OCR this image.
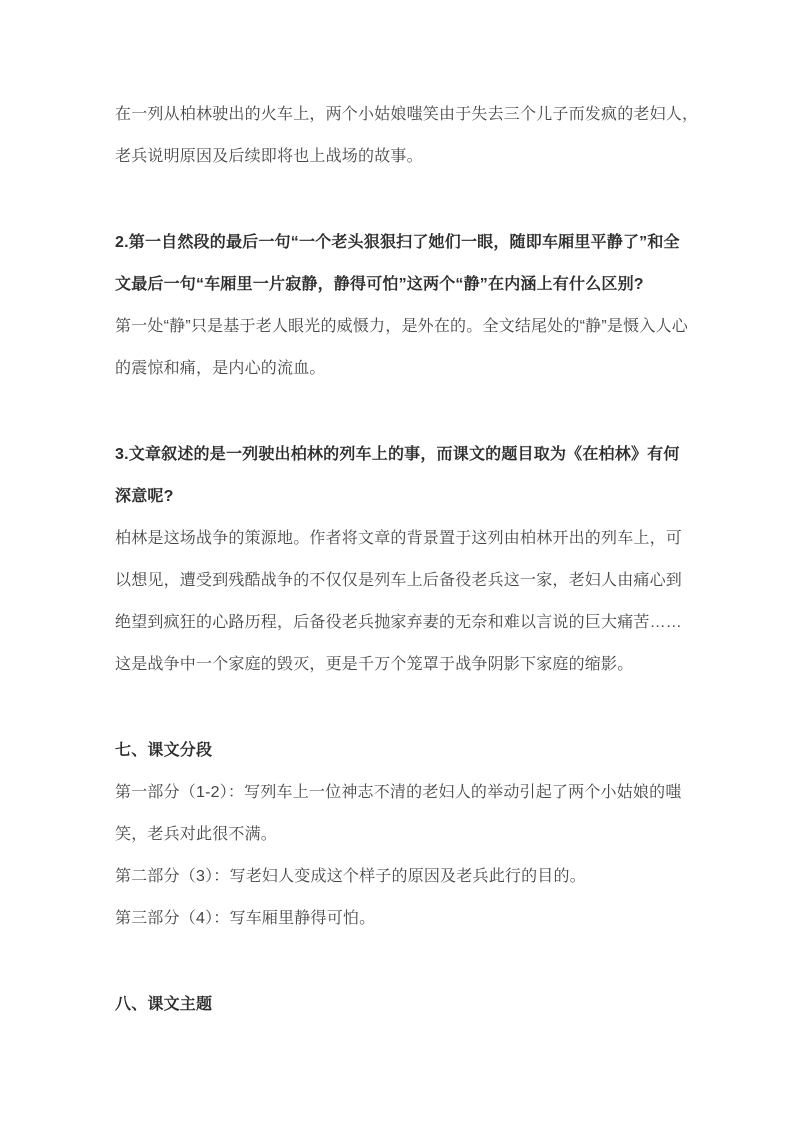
在一列从柏林驶出的火车上，两个小姑娘嗤笑由于失去三个儿子而发疯的老妇人，
老兵说明原因及后续即将也上战场的故事。
2.第一自然段的最后一句“一个老头狠狠扫了她们一眼，随即车厢里平静了”和全
文最后一句“车厢里一片寂静，静得可怕”这两个“静”在内涵上有什么区别?
第一处“静”只是基于老人眼光的威慑力，是外在的。全文结尾处的“静”是慑入人心
的震惊和痛，是内心的流血。
3.文章叙述的是一列驶出柏林的列车上的事，而课文的题目取为《在柏林》有何
深意呢?
柏林是这场战争的策源地。作者将文章的背景置于这列由柏林开出的列车上，可
以想见，遭受到残酷战争的不仅仅是列车上后备役老兵这一家，老妇人由痛心到
绝望到疯狂的心路历程，后备役老兵抛家弃妻的无奈和难以言说的巨大痛苦……
这是战争中一个家庭的毁灭，更是千万个笼罩于战争阴影下家庭的缩影。
七、课文分段
第一部分（1-2）：写列车上一位神志不清的老妇人的举动引起了两个小姑娘的嗤
笑，老兵对此很不满。
第二部分（3）：写老妇人变成这个样子的原因及老兵此行的目的。
第三部分（4）：写车厢里静得可怕。
八、课文主题
